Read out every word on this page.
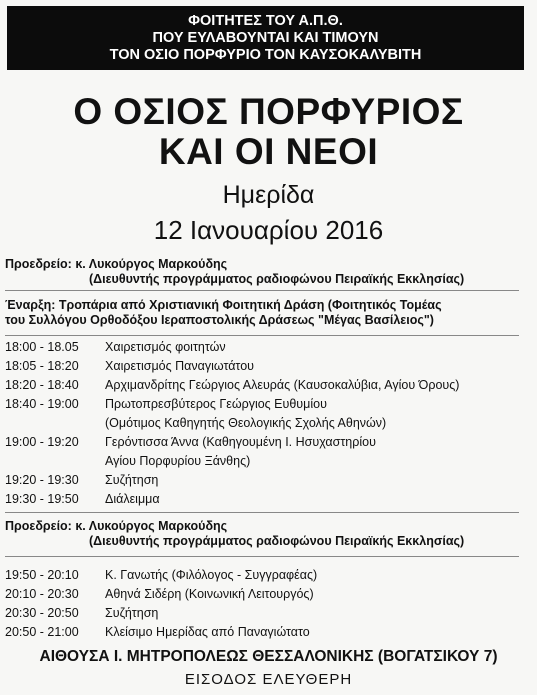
ΦΟΙΤΗΤΕΣ ΤΟΥ Α.Π.Θ.
ΠΟΥ ΕΥΛΑΒΟΥΝΤΑΙ ΚΑΙ ΤΙΜΟΥΝ
ΤΟΝ ΟΣΙΟ ΠΟΡΦΥΡΙΟ ΤΟΝ ΚΑΥΣΟΚΑΛΥΒΙΤΗ
Ο ΟΣΙΟΣ ΠΟΡΦΥΡΙΟΣ
ΚΑΙ ΟΙ ΝΕΟΙ
Ημερίδα
12 Ιανουαρίου 2016
Προεδρείο: κ. Λυκούργος Μαρκούδης
(Διευθυντής προγράμματος ραδιοφώνου Πειραϊκής Εκκλησίας)
Έναρξη: Τροπάρια από Χριστιανική Φοιτητική Δράση (Φοιτητικός Τομέας
του Συλλόγου Ορθοδόξου Ιεραποστολικής Δράσεως "Μέγας Βασίλειος")
18:00 - 18.05	Χαιρετισμός φοιτητών
18:05 - 18:20	Χαιρετισμός Παναγιωτάτου
18:20 - 18:40	Αρχιμανδρίτης Γεώργιος Αλευράς (Καυσοκαλύβια, Αγίου Όρους)
18:40 - 19:00	Πρωτοπρεσβύτερος Γεώργιος Ευθυμίου
(Ομότιμος Καθηγητής Θεολογικής Σχολής Αθηνών)
19:00 - 19:20	Γερόντισσα Άννα (Καθηγουμένη Ι. Ησυχαστηρίου
Αγίου Πορφυρίου Ξάνθης)
19:20 - 19:30	Συζήτηση
19:30 - 19:50	Διάλειμμα
Προεδρείο: κ. Λυκούργος Μαρκούδης
(Διευθυντής προγράμματος ραδιοφώνου Πειραϊκής Εκκλησίας)
19:50 - 20:10	Κ. Γανωτής (Φιλόλογος - Συγγραφέας)
20:10 - 20:30	Αθηνά Σιδέρη (Κοινωνική Λειτουργός)
20:30 - 20:50	Συζήτηση
20:50 - 21:00	Κλείσιμο Ημερίδας από Παναγιώτατο
ΑΙΘΟΥΣΑ Ι. ΜΗΤΡΟΠΟΛΕΩΣ ΘΕΣΣΑΛΟΝΙΚΗΣ (ΒΟΓΑΤΣΙΚΟΥ 7)
ΕΙΣΟΔΟΣ ΕΛΕΥΘΕΡΗ
